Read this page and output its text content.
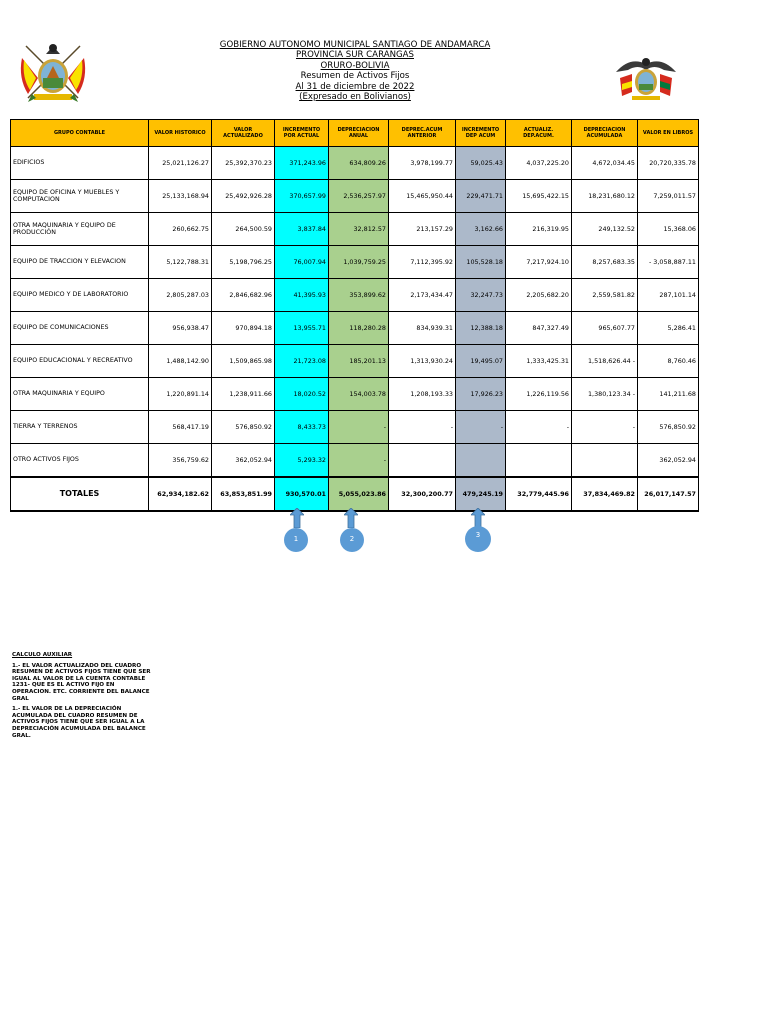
GOBIERNO AUTONOMO MUNICIPAL SANTIAGO DE ANDAMARCA
PROVINCIA SUR CARANGAS
ORURO-BOLIVIA
Resumen de Activos Fijos
Al 31 de diciembre de 2022
(Expresado en Bolivianos)
GRUPO CONTABLE	VALOR HISTORICO	VALOR ACTUALIZADO	INCREMENTO POR ACTUAL	DEPRECIACION ANUAL	DEPREC.ACUM ANTERIOR	INCREMENTO DEP ACUM	ACTUALIZ. DEP.ACUM.	DEPRECIACION ACUMULADA	VALOR EN LIBROS
EDIFICIOS	25,021,126.27	25,392,370.23	371,243.96	634,809.26	3,978,199.77	59,025.43	4,037,225.20	4,672,034.45	20,720,335.78
EQUIPO DE OFICINA Y MUEBLES Y COMPUTACION	25,133,168.94	25,492,926.28	370,657.99	2,536,257.97	15,465,950.44	229,471.71	15,695,422.15	18,231,680.12	7,259,011.57
OTRA MAQUINARIA Y EQUIPO DE PRODUCCIÓN	260,662.75	264,500.59	3,837.84	32,812.57	213,157.29	3,162.66	216,319.95	249,132.52	15,368.06
EQUIPO DE TRACCION Y ELEVACION	5,122,788.31	5,198,796.25	76,007.94	1,039,759.25	7,112,395.92	105,528.18	7,217,924.10	8,257,683.35	- 3,058,887.11
EQUIPO MEDICO Y DE LABORATORIO	2,805,287.03	2,846,682.96	41,395.93	353,899.62	2,173,434.47	32,247.73	2,205,682.20	2,559,581.82	287,101.14
EQUIPO DE COMUNICACIONES	956,938.47	970,894.18	13,955.71	118,280.28	834,939.31	12,388.18	847,327.49	965,607.77	5,286.41
EQUIPO EDUCACIONAL Y RECREATIVO	1,488,142.90	1,509,865.98	21,723.08	185,201.13	1,313,930.24	19,495.07	1,333,425.31	1,518,626.44 -	8,760.46
OTRA MAQUINARIA Y EQUIPO	1,220,891.14	1,238,911.66	18,020.52	154,003.78	1,208,193.33	17,926.23	1,226,119.56	1,380,123.34 -	141,211.68
TIERRA Y TERRENOS	568,417.19	576,850.92	8,433.73	-	-	-	-	-	576,850.92
OTRO ACTIVOS FIJOS	356,759.62	362,052.94	5,293.32	-					362,052.94
TOTALES	62,934,182.62	63,853,851.99	930,570.01	5,055,023.86	32,300,200.77	479,245.19	32,779,445.96	37,834,469.82	26,017,147.57
1	2	3
CALCULO AUXILIAR

1.- EL VALOR ACTUALIZADO DEL CUADRO RESUMEN DE ACTIVOS FIJOS TIENE QUE SER IGUAL AL VALOR DE LA CUENTA CONTABLE 1231- QUE ES EL ACTIVO FIJO EN OPERACION. ETC. CORRIENTE DEL BALANCE GRAL

1.- EL VALOR DE LA DEPRECIACIÓN ACUMULADA DEL CUADRO RESUMEN DE ACTIVOS FIJOS TIENE QUE SER IGUAL A LA DEPRECIACIÓN ACUMULADA DEL BALANCE GRAL.
